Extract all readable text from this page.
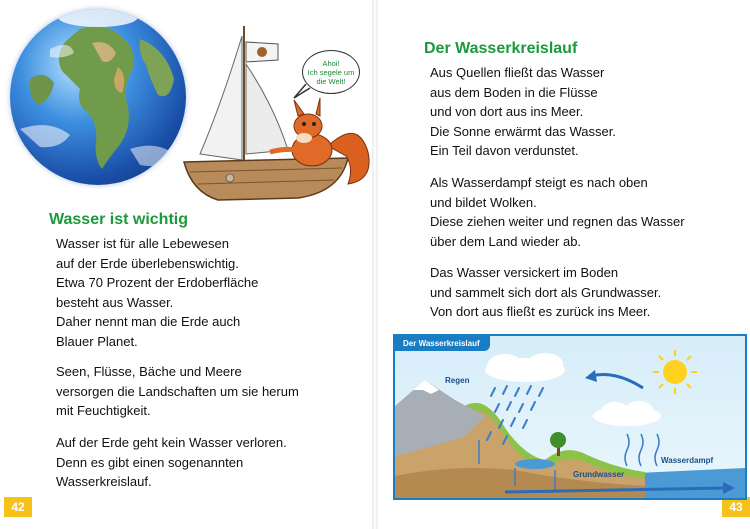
Ahoi!
Ich segele um
die Welt!
Wasser ist wichtig
Wasser ist für alle Lebewesen
auf der Erde überlebenswichtig.
Etwa 70 Prozent der Erdoberfläche
besteht aus Wasser.
Daher nennt man die Erde auch
Blauer Planet.
Seen, Flüsse, Bäche und Meere
versorgen die Landschaften um sie herum
mit Feuchtigkeit.
Auf der Erde geht kein Wasser verloren.
Denn es gibt einen sogenannten
Wasserkreislauf.
42
Der Wasserkreislauf
Aus Quellen fließt das Wasser
aus dem Boden in die Flüsse
und von dort aus ins Meer.
Die Sonne erwärmt das Wasser.
Ein Teil davon verdunstet.
Als Wasserdampf steigt es nach oben
und bildet Wolken.
Diese ziehen weiter und regnen das Wasser
über dem Land wieder ab.
Das Wasser versickert im Boden
und sammelt sich dort als Grundwasser.
Von dort aus fließt es zurück ins Meer.
43
Der Wasserkreislauf
Regen
Wasserdampf
Grundwasser
